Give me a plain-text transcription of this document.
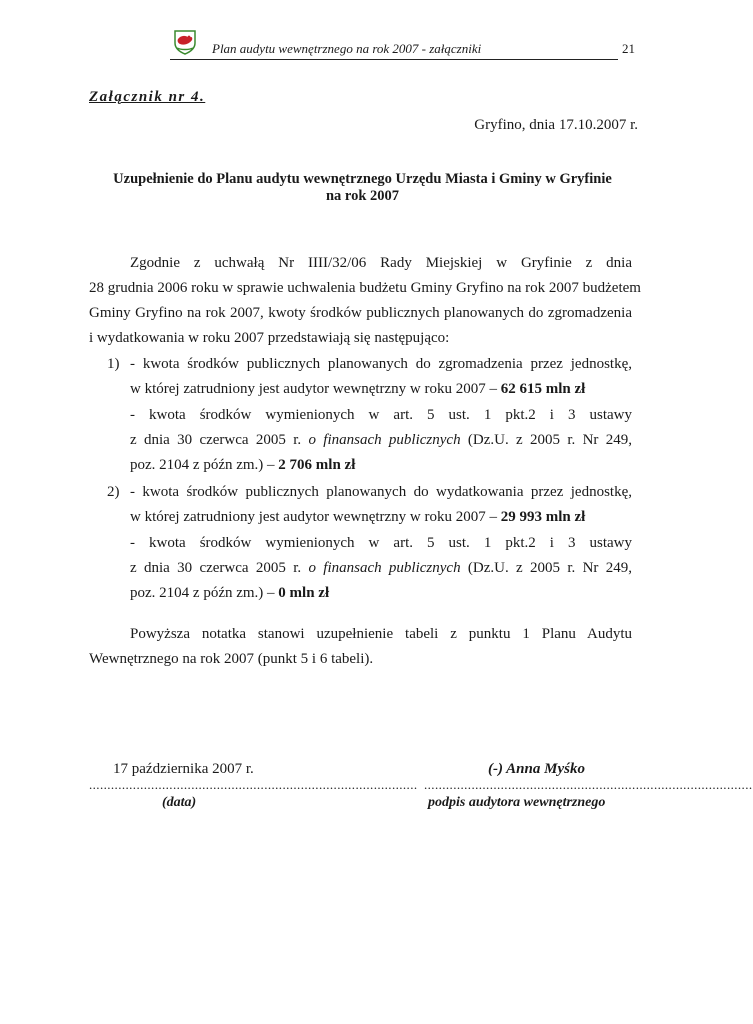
Plan audytu wewnętrznego na rok 2007 - załączniki	21
Załącznik nr 4.
Gryfino, dnia 17.10.2007 r.
Uzupełnienie do Planu audytu wewnętrznego Urzędu Miasta i Gminy w Gryfinie
na rok 2007
Zgodnie z uchwałą Nr IIII/32/06 Rady Miejskiej w Gryfinie z dnia
28 grudnia 2006 roku w sprawie uchwalenia budżetu Gminy Gryfino na rok 2007 budżetem
Gminy Gryfino na rok 2007, kwoty środków publicznych planowanych do zgromadzenia
i wydatkowania w roku 2007 przedstawiają się następująco:
1) - kwota środków publicznych planowanych do zgromadzenia przez jednostkę,
w której zatrudniony jest audytor wewnętrzny w roku 2007 – 62 615 mln zł
- kwota środków wymienionych w art. 5 ust. 1 pkt.2 i 3 ustawy
z dnia 30 czerwca 2005 r. o finansach publicznych (Dz.U. z 2005 r. Nr 249,
poz. 2104 z późn zm.) – 2 706 mln zł
2) - kwota środków publicznych planowanych do wydatkowania przez jednostkę,
w której zatrudniony jest audytor wewnętrzny w roku 2007 – 29 993 mln zł
- kwota środków wymienionych w art. 5 ust. 1 pkt.2 i 3 ustawy
z dnia 30 czerwca 2005 r. o finansach publicznych (Dz.U. z 2005 r. Nr 249,
poz. 2104 z późn zm.) – 0 mln zł
Powyższa notatka stanowi uzupełnienie tabeli z punktu 1 Planu Audytu
Wewnętrznego na rok 2007 (punkt 5 i 6 tabeli).
17 października 2007 r.
..........................................................................................
(data)
(-) Anna Myśko
..........................................................................................
podpis audytora wewnętrznego
